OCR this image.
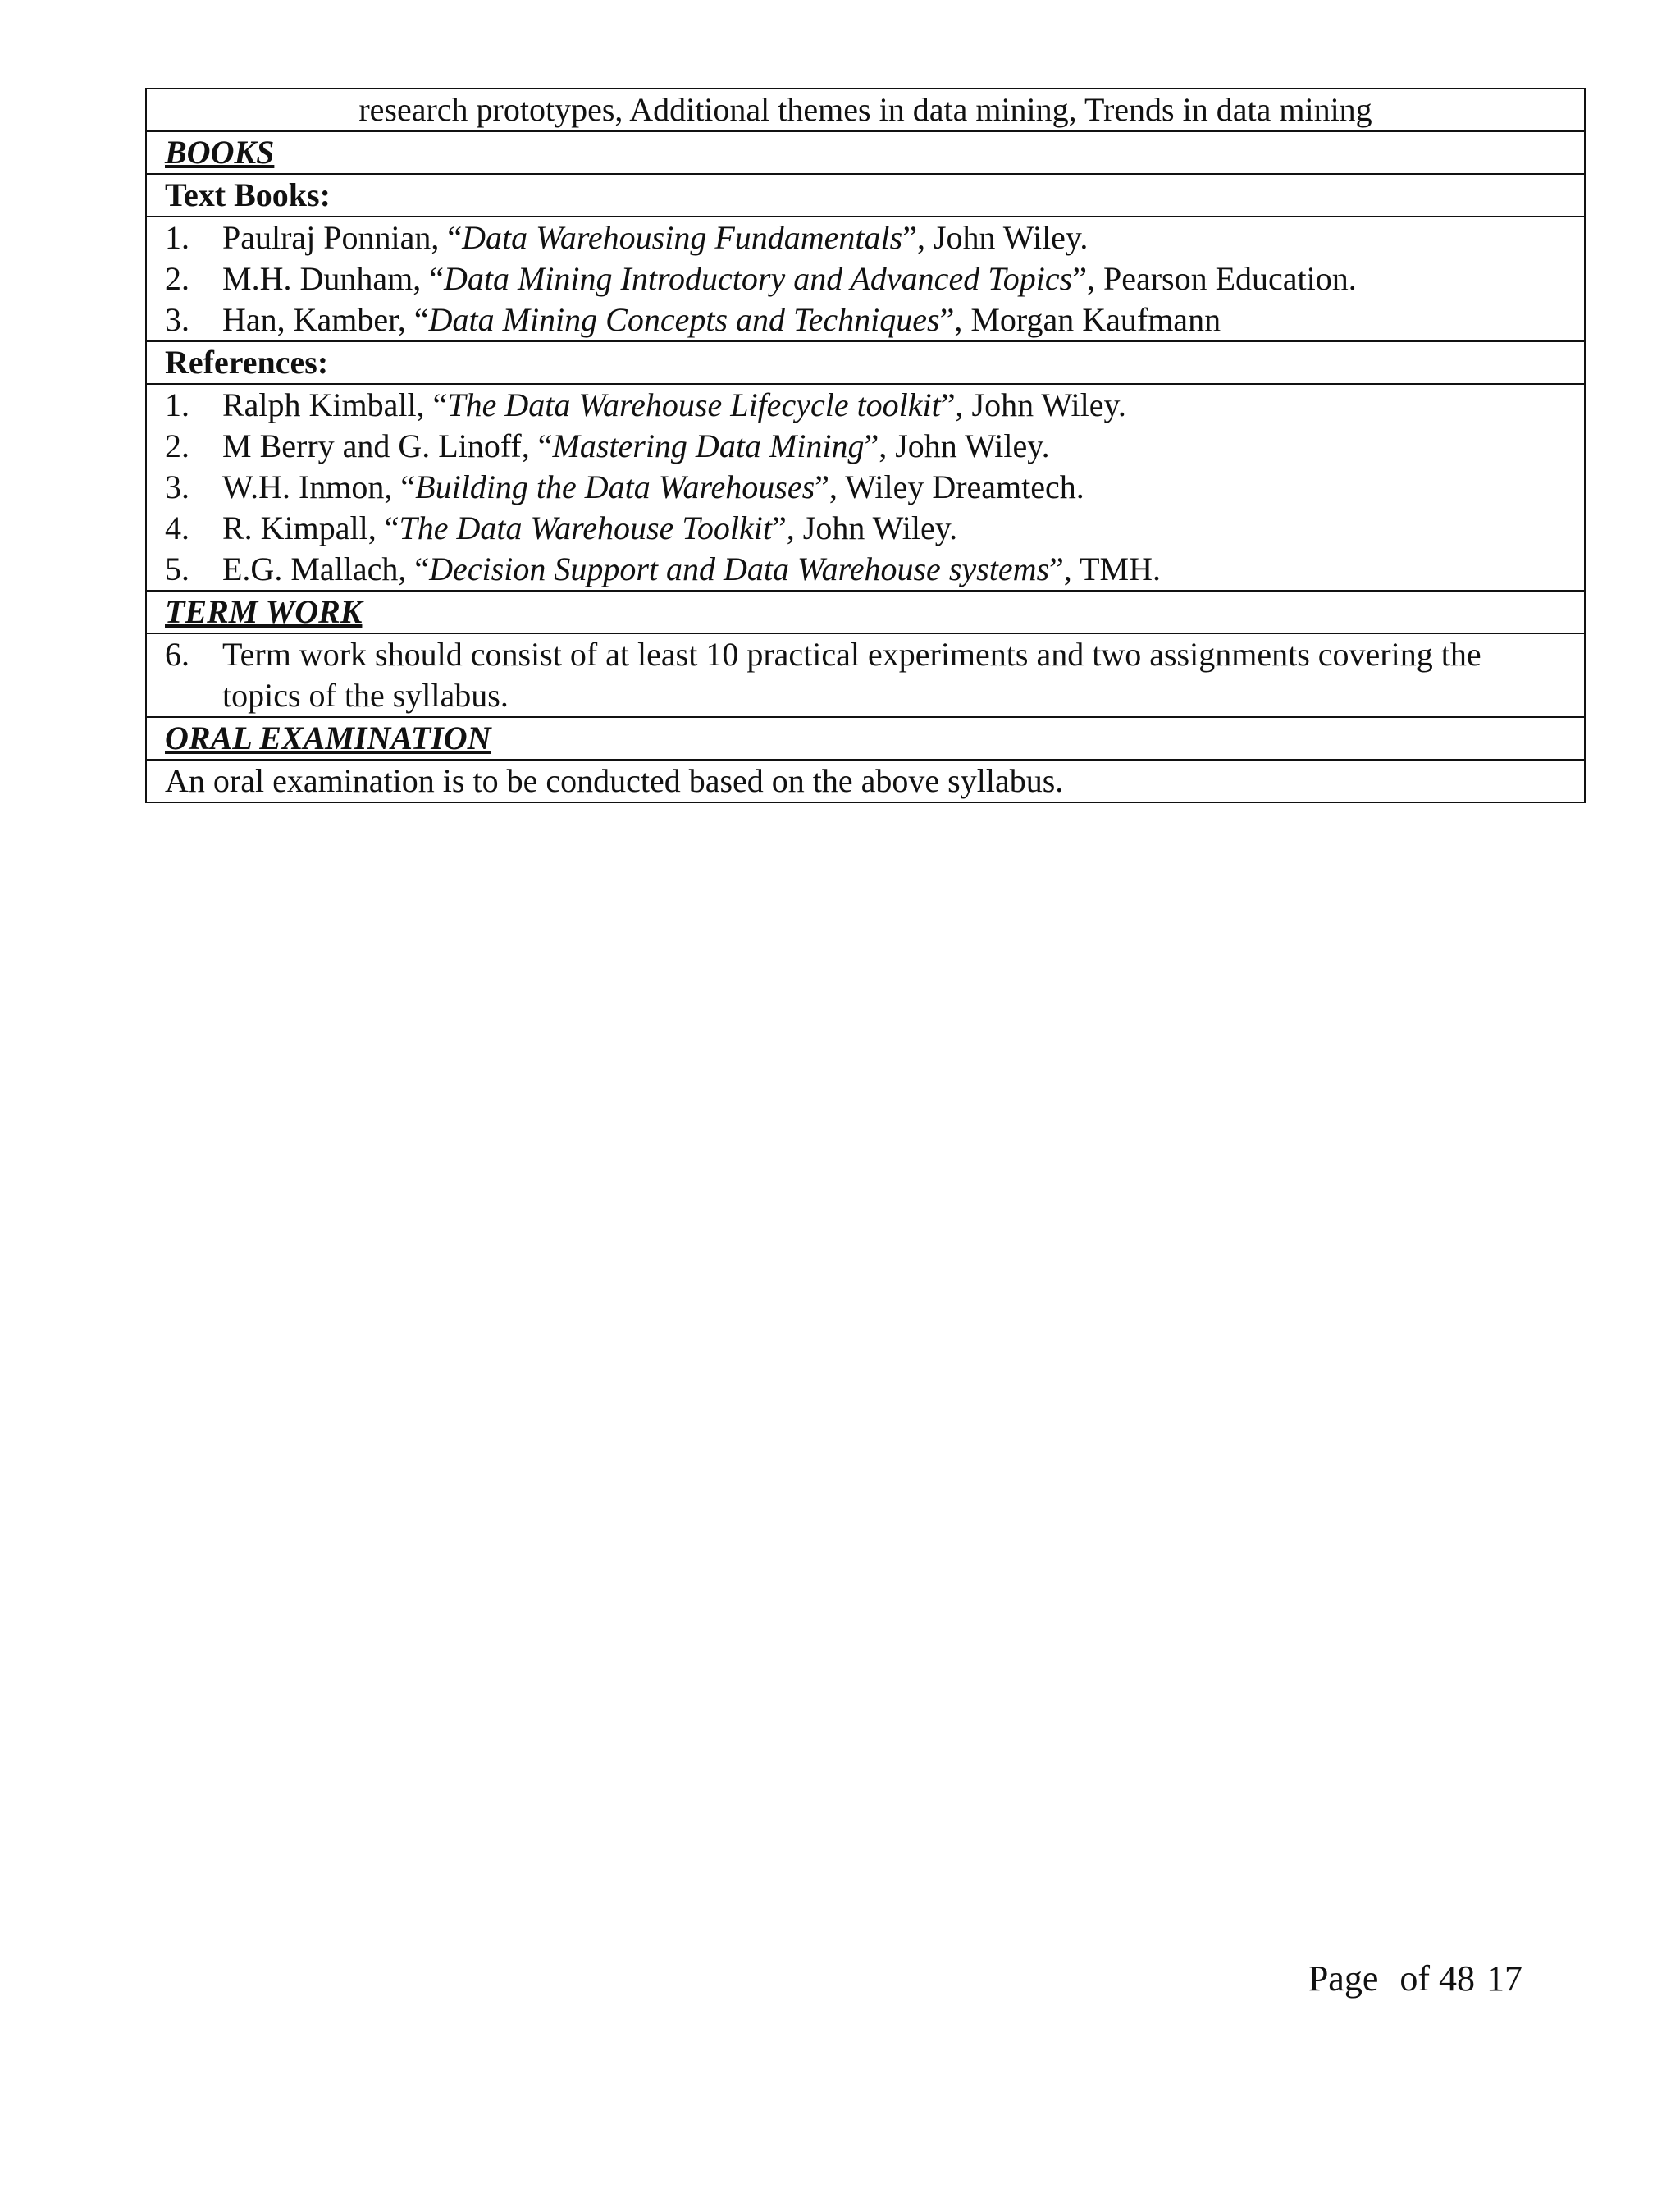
research prototypes, Additional themes in data mining, Trends in data mining
BOOKS
Text Books:

1.	Paulraj Ponnian, “Data Warehousing Fundamentals”, John Wiley.
2.	M.H. Dunham, “Data Mining Introductory and Advanced Topics”, Pearson Education.
3.	Han, Kamber, “Data Mining Concepts and Techniques”, Morgan Kaufmann

References:

1.	Ralph Kimball, “The Data Warehouse Lifecycle toolkit”, John Wiley.
2.	M Berry and G. Linoff, “Mastering Data Mining”, John Wiley.
3.	W.H. Inmon, “Building the Data Warehouses”, Wiley Dreamtech.
4.	R. Kimpall, “The Data Warehouse Toolkit”, John Wiley.
5.	E.G. Mallach, “Decision Support and Data Warehouse systems”, TMH.

TERM WORK

6.	Term work should consist of at least 10 practical experiments and two assignments covering the topics of the syllabus.

ORAL EXAMINATION
An oral examination is to be conducted based on the above syllabus.
Page of 48 17
